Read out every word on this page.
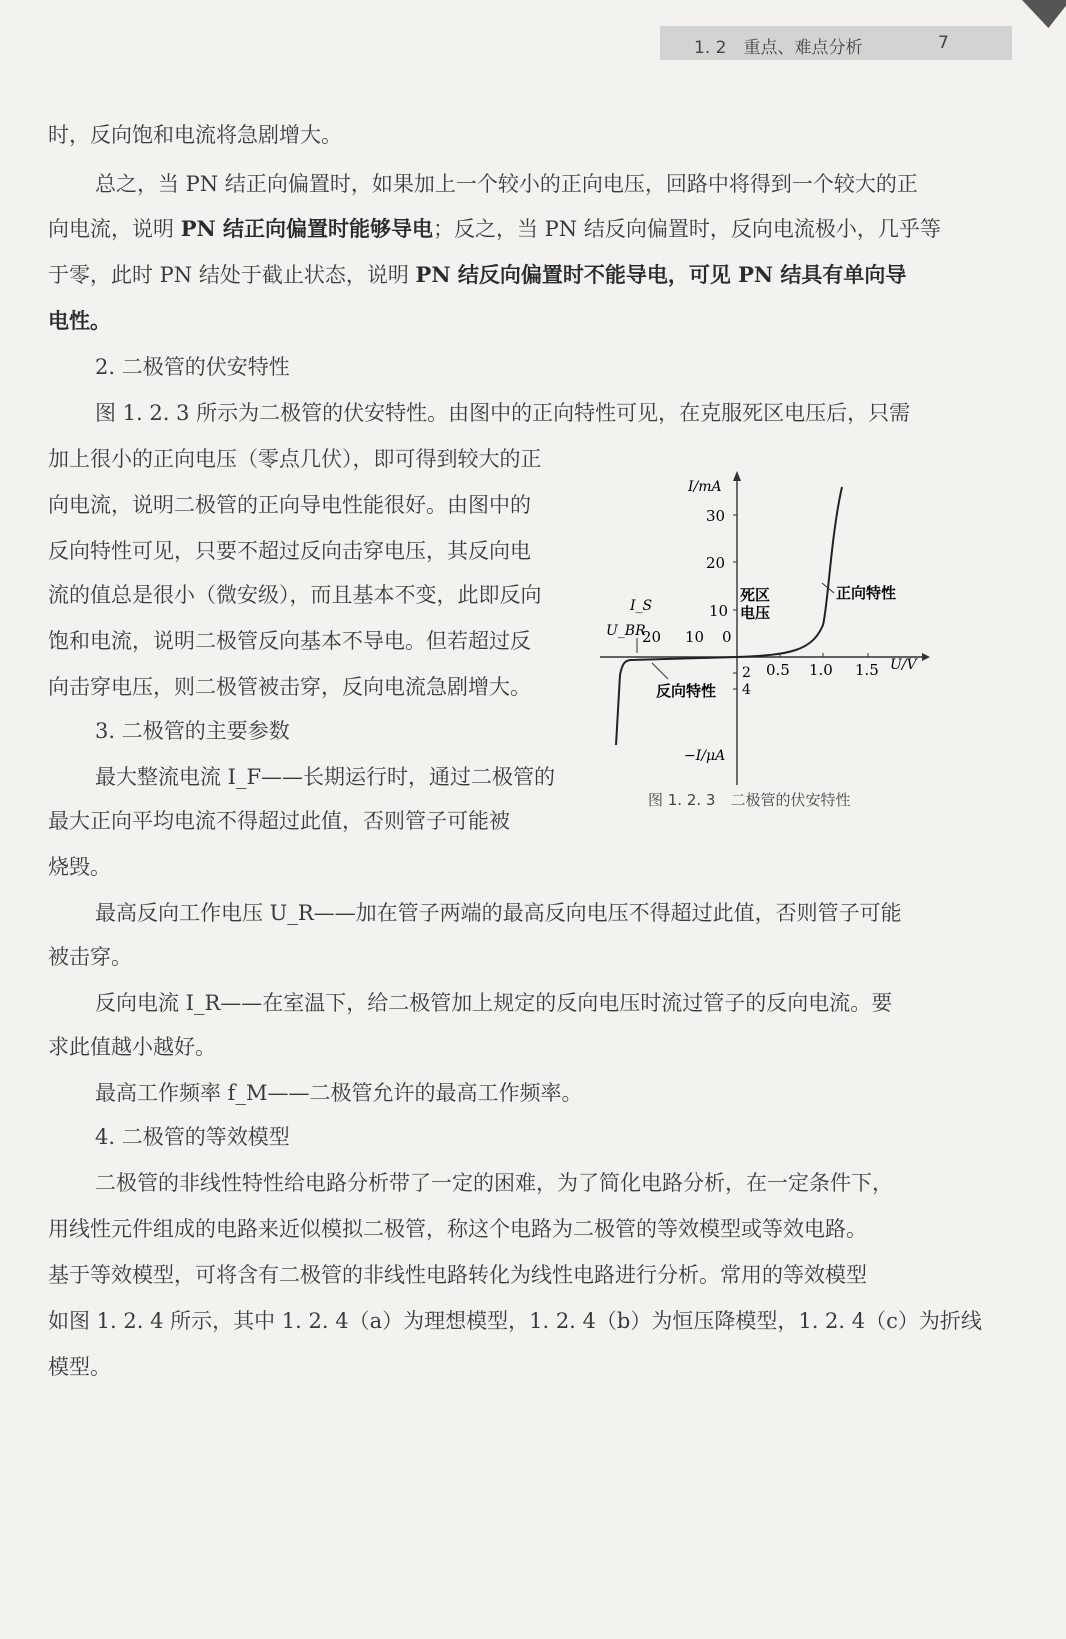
1. 2　重点、难点分析	7
时，反向饱和电流将急剧增大。
总之，当 PN 结正向偏置时，如果加上一个较小的正向电压，回路中将得到一个较大的正
向电流，说明 PN 结正向偏置时能够导电；反之，当 PN 结反向偏置时，反向电流极小，几乎等
于零，此时 PN 结处于截止状态，说明 PN 结反向偏置时不能导电，可见 PN 结具有单向导
电性。
2. 二极管的伏安特性
图 1. 2. 3 所示为二极管的伏安特性。由图中的正向特性可见，在克服死区电压后，只需
加上很小的正向电压（零点几伏），即可得到较大的正
向电流，说明二极管的正向导电性能很好。由图中的
反向特性可见，只要不超过反向击穿电压，其反向电
流的值总是很小（微安级），而且基本不变，此即反向
饱和电流，说明二极管反向基本不导电。但若超过反
向击穿电压，则二极管被击穿，反向电流急剧增大。
3. 二极管的主要参数
最大整流电流 I_F——长期运行时，通过二极管的
最大正向平均电流不得超过此值，否则管子可能被
烧毁。
最高反向工作电压 U_R——加在管子两端的最高反向电压不得超过此值，否则管子可能
被击穿。
反向电流 I_R——在室温下，给二极管加上规定的反向电压时流过管子的反向电流。要
求此值越小越好。
最高工作频率 f_M——二极管允许的最高工作频率。
4. 二极管的等效模型
二极管的非线性特性给电路分析带了一定的困难，为了简化电路分析，在一定条件下，
用线性元件组成的电路来近似模拟二极管，称这个电路为二极管的等效模型或等效电路。
基于等效模型，可将含有二极管的非线性电路转化为线性电路进行分析。常用的等效模型
如图 1. 2. 4 所示，其中 1. 2. 4（a）为理想模型，1. 2. 4（b）为恒压降模型，1. 2. 4（c）为折线
模型。
I/mA
U/V
−I/μA
30
20
10
2
4
0.5 1.0 1.5
20 10 0
I_S
U_BR
死区
电压
正向特性
反向特性
图 1. 2. 3　二极管的伏安特性
